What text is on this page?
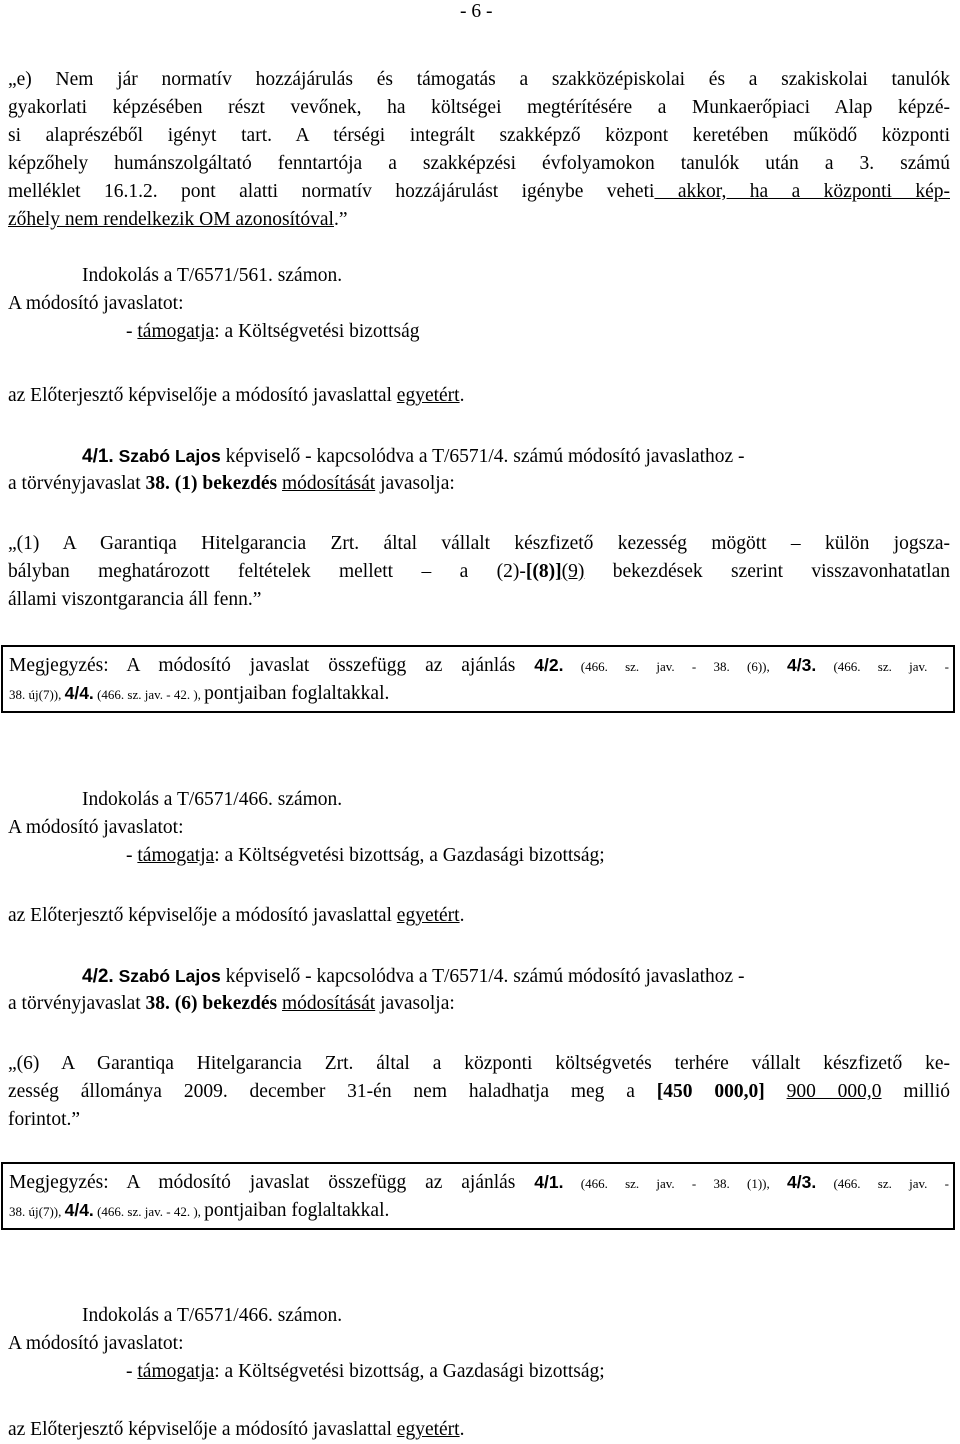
- 6 -
„e) Nem jár normatív hozzájárulás és támogatás a szakközépiskolai és a szakiskolai tanulók
gyakorlati képzésében részt vevőnek, ha költségei megtérítésére a Munkaerőpiaci Alap képzé-
si alaprészéből igényt tart. A térségi integrált szakképző központ keretében működő központi
képzőhely humánszolgáltató fenntartója a szakképzési évfolyamokon tanulók után a 3. számú
melléklet 16.1.2. pont alatti normatív hozzájárulást igénybe veheti akkor, ha a központi kép-
zőhely nem rendelkezik OM azonosítóval.”
Indokolás a T/6571/561. számon.
A módosító javaslatot:
- támogatja: a Költségvetési bizottság
az Előterjesztő képviselője a módosító javaslattal egyetért.
4/1. Szabó Lajos képviselő - kapcsolódva a T/6571/4. számú módosító javaslathoz -
a törvényjavaslat 38. (1) bekezdés módosítását javasolja:
„(1) A Garantiqa Hitelgarancia Zrt. által vállalt készfizető kezesség mögött – külön jogsza-
bályban meghatározott feltételek mellett – a (2)-[(8)](9) bekezdések szerint visszavonhatatlan
állami viszontgarancia áll fenn.”
Megjegyzés: A módosító javaslat összefügg az ajánlás 4/2. (466. sz. jav. - 38. (6)), 4/3. (466. sz. jav. -
38. új(7)), 4/4. (466. sz. jav. - 42. ), pontjaiban foglaltakkal.
Indokolás a T/6571/466. számon.
A módosító javaslatot:
- támogatja: a Költségvetési bizottság, a Gazdasági bizottság;
az Előterjesztő képviselője a módosító javaslattal egyetért.
4/2. Szabó Lajos képviselő - kapcsolódva a T/6571/4. számú módosító javaslathoz -
a törvényjavaslat 38. (6) bekezdés módosítását javasolja:
„(6) A Garantiqa Hitelgarancia Zrt. által a központi költségvetés terhére vállalt készfizető ke-
zesség állománya 2009. december 31-én nem haladhatja meg a [450 000,0] 900 000,0 millió
forintot.”
Megjegyzés: A módosító javaslat összefügg az ajánlás 4/1. (466. sz. jav. - 38. (1)), 4/3. (466. sz. jav. -
38. új(7)), 4/4. (466. sz. jav. - 42. ), pontjaiban foglaltakkal.
Indokolás a T/6571/466. számon.
A módosító javaslatot:
- támogatja: a Költségvetési bizottság, a Gazdasági bizottság;
az Előterjesztő képviselője a módosító javaslattal egyetért.
